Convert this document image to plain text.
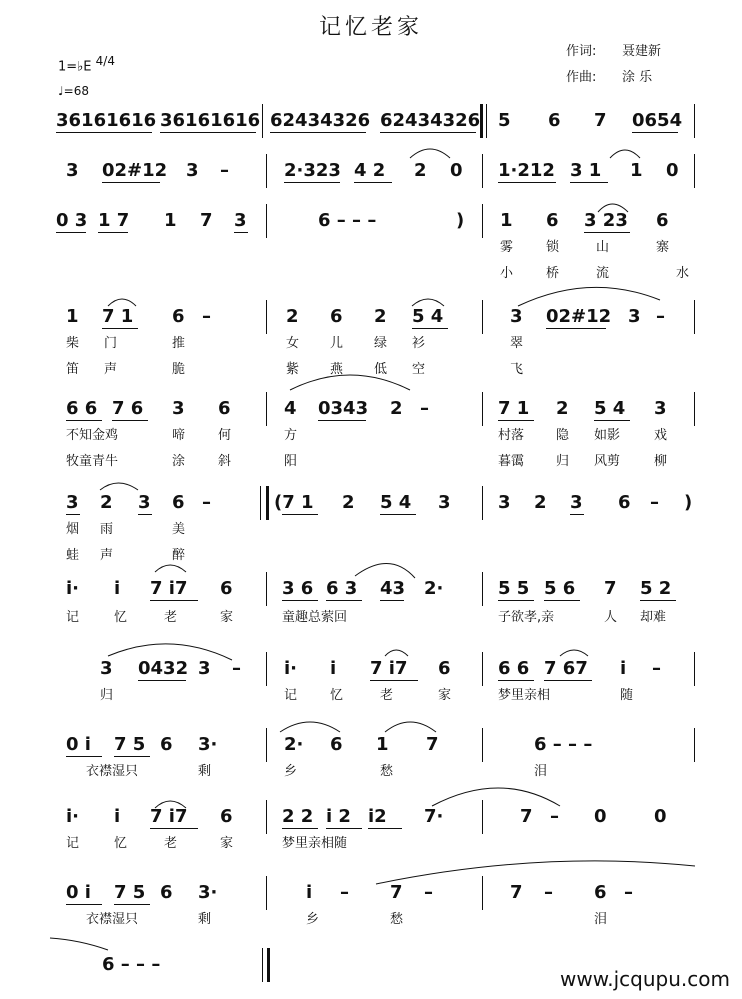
记忆老家
作词: 聂建新
作曲: 涂 乐
1=♭E 4/4
♩=68
36161616 36161616 62434326 62434326 5 6 7 0654
3 02#12 3 –	2·323 4 2 2 0 1·212 3 1 1 0
0 3 1 7 1 7 3	6 – – –	) 1 6 3 23 6
雾	锁	山	寨
小	桥	流	水
1 7 1 6 –	2 6 2 5 4	3 02#12 3 –
柴 门	推	女 儿 绿 衫	翠
笛 声	脆	紫 燕 低 空	飞
6 6 7 6 3 6	4 0343 2 –	7 1 2 5 4 3
不知金鸡	啼	何	方	村落 隐 如影	戏
牧童青牛	涂	斜	阳	暮霭 归 风剪	柳
3 2 3 6 –	(7 1 2 5 4 3	3 2 3 6 – )
烟 雨	美
蛙 声	醉
i· i 7 i7 6	3 6 6 3 43 2·	5 5 5 6 7 5 2
记	忆	老	家	童趣总萦回	子欲孝,亲	人 却难
3 0432 3 – i· i 7 i7 6	6 6 7 67 i –
归	记	忆	老	家	梦里亲相	随
0 i 7 5 6 3·	2· 6 1 7	6 – – –
衣襟湿只	剩	乡	愁	泪
i· i 7 i7 6	2 2 i 2 i2 7·	7 – 0	0
记	忆	老	家	梦里亲相随
0 i 7 5 6 3·	i – 7 –	7 – 6 –
衣襟湿只	剩	乡	愁	泪
6 – – –
www.jcqupu.com
